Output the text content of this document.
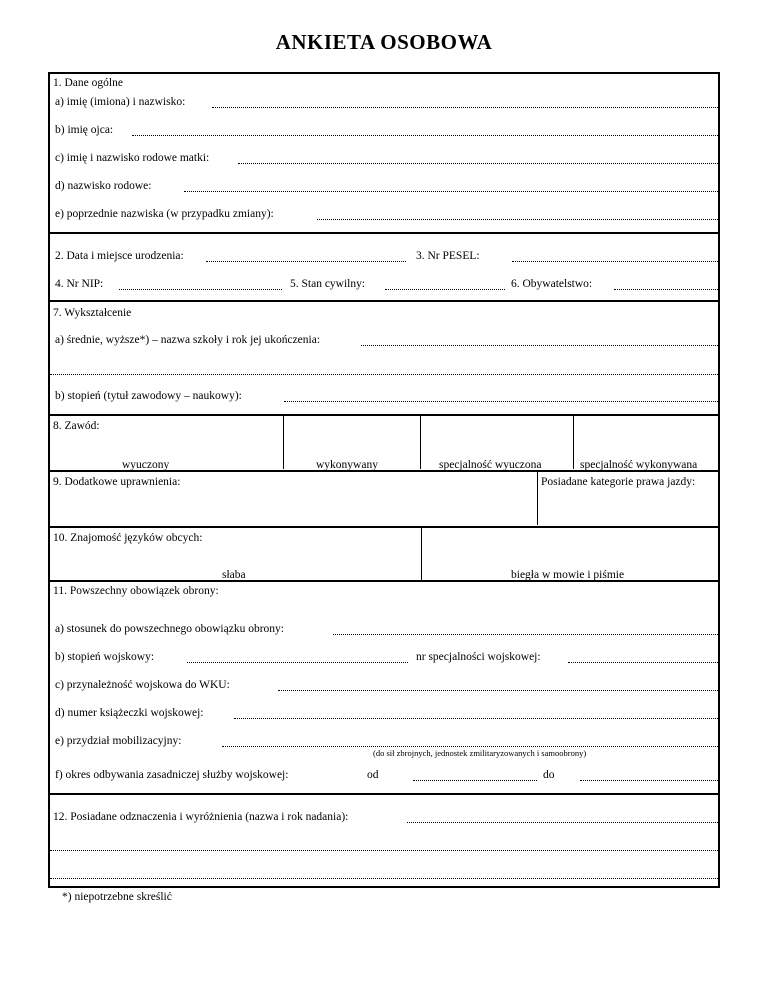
ANKIETA OSOBOWA
1. Dane ogólne
a) imię (imiona) i nazwisko:
b) imię ojca:
c) imię i nazwisko rodowe matki:
d) nazwisko rodowe:
e) poprzednie nazwiska (w przypadku zmiany):
2. Data i miejsce urodzenia:	3. Nr PESEL:
4. Nr NIP:	5. Stan cywilny:	6. Obywatelstwo:
7. Wykształcenie
a) średnie, wyższe*) – nazwa szkoły i rok jej ukończenia:
b) stopień (tytuł zawodowy – naukowy):
8. Zawód:
wyuczony	wykonywany	specjalność wyuczona	specjalność wykonywana
9. Dodatkowe uprawnienia:	Posiadane kategorie prawa jazdy:
10. Znajomość języków obcych:
słaba	biegła w mowie i piśmie
11. Powszechny obowiązek obrony:
a) stosunek do powszechnego obowiązku obrony:
b) stopień wojskowy:	nr specjalności wojskowej:
c) przynależność wojskowa do WKU:
d) numer książeczki wojskowej:
e) przydział mobilizacyjny:
(do sił zbrojnych, jednostek zmilitaryzowanych i samoobrony)
f) okres odbywania zasadniczej służby wojskowej:	od	do
12. Posiadane odznaczenia i wyróżnienia (nazwa i rok nadania):
*) niepotrzebne skreślić
